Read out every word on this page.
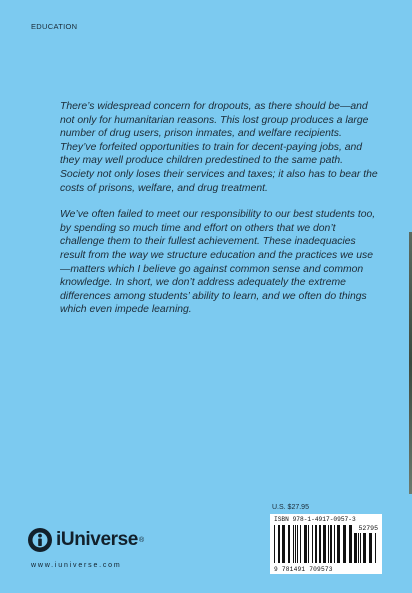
EDUCATION

There’s widespread concern for dropouts, as there should be—and not only for humanitarian reasons. This lost group produces a large number of drug users, prison inmates, and welfare recipients. They’ve forfeited opportunities to train for decent-paying jobs, and they may well produce children predestined to the same path. Society not only loses their services and taxes; it also has to bear the costs of prisons, welfare, and drug treatment.

We’ve often failed to meet our responsibility to our best students too, by spending so much time and effort on others that we don’t challenge them to their fullest achievement. These inadequacies result from the way we structure education and the practices we use—matters which I believe go against common sense and common knowledge. In short, we don’t address adequately the extreme differences among students’ ability to learn, and we often do things which even impede learning.

U.S. $27.95
ISBN 978-1-4917-0957-3
52795
9 781491 709573
iUniverse ®
www.iuniverse.com
